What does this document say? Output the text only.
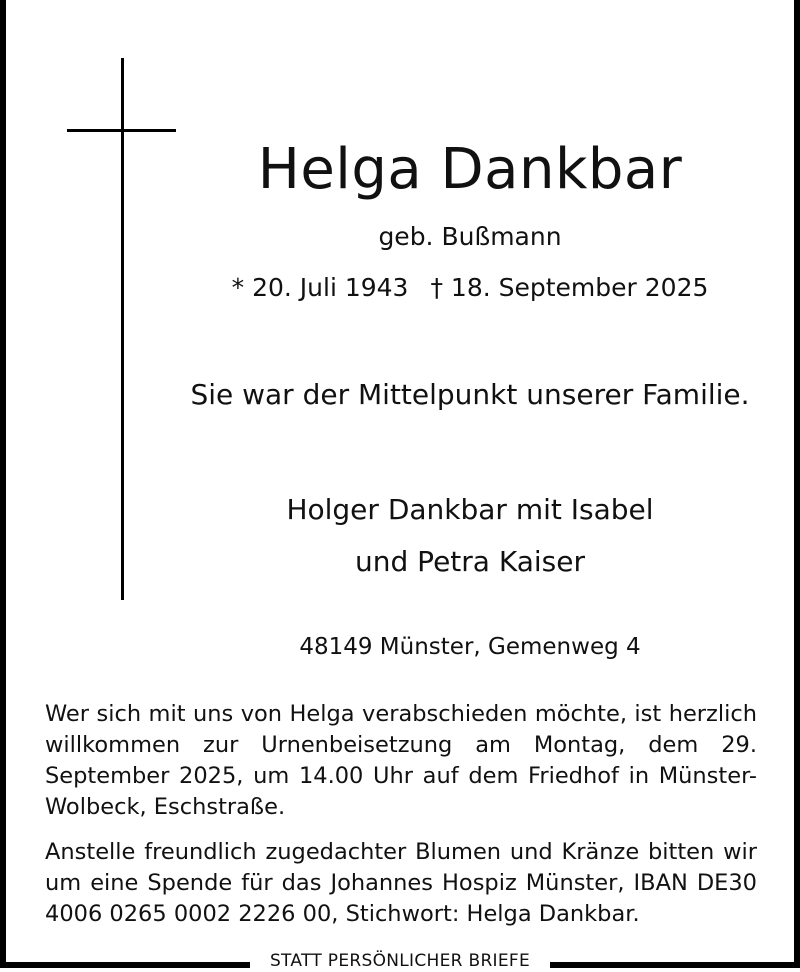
Helga Dankbar
geb. Bußmann
* 20. Juli 1943 † 18. September 2025
Sie war der Mittelpunkt unserer Familie.
Holger Dankbar mit Isabel
und Petra Kaiser
48149 Münster, Gemenweg 4
Wer sich mit uns von Helga verabschieden möchte, ist herzlich willkommen zur Urnenbeisetzung am Montag, dem 29. September 2025, um 14.00 Uhr auf dem Friedhof in Münster-Wolbeck, Eschstraße.
Anstelle freundlich zugedachter Blumen und Kränze bitten wir um eine Spende für das Johannes Hospiz Münster, IBAN DE30 4006 0265 0002 2226 00, Stichwort: Helga Dankbar.
STATT PERSÖNLICHER BRIEFE
